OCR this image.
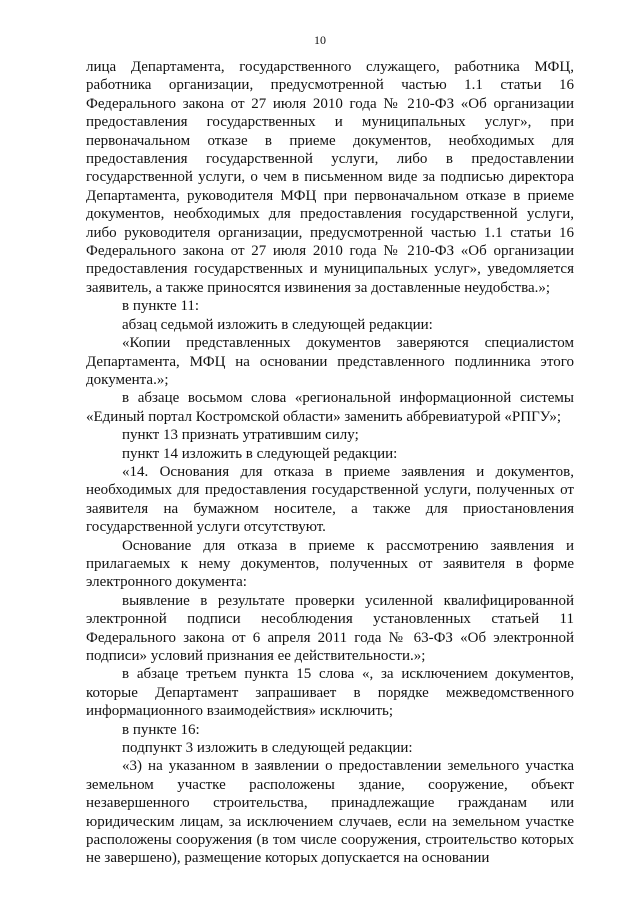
10

лица Департамента, государственного служащего, работника МФЦ, работника организации, предусмотренной частью 1.1 статьи 16 Федерального закона от 27 июля 2010 года № 210-ФЗ «Об организации предоставления государственных и муниципальных услуг», при первоначальном отказе в приеме документов, необходимых для предоставления государственной услуги, либо в предоставлении государственной услуги, о чем в письменном виде за подписью директора Департамента, руководителя МФЦ при первоначальном отказе в приеме документов, необходимых для предоставления государственной услуги, либо руководителя организации, предусмотренной частью 1.1 статьи 16 Федерального закона от 27 июля 2010 года № 210-ФЗ «Об организации предоставления государственных и муниципальных услуг», уведомляется заявитель, а также приносятся извинения за доставленные неудобства.»;

в пункте 11:

абзац седьмой изложить в следующей редакции:

«Копии представленных документов заверяются специалистом Департамента, МФЦ на основании представленного подлинника этого документа.»;

в абзаце восьмом слова «региональной информационной системы «Единый портал Костромской области» заменить аббревиатурой «РПГУ»;

пункт 13 признать утратившим силу;

пункт 14 изложить в следующей редакции:

«14. Основания для отказа в приеме заявления и документов, необходимых для предоставления государственной услуги, полученных от заявителя на бумажном носителе, а также для приостановления государственной услуги отсутствуют.

Основание для отказа в приеме к рассмотрению заявления и прилагаемых к нему документов, полученных от заявителя в форме электронного документа:

выявление в результате проверки усиленной квалифицированной электронной подписи несоблюдения установленных статьей 11 Федерального закона от 6 апреля 2011 года № 63-ФЗ «Об электронной подписи» условий признания ее действительности.»;

в абзаце третьем пункта 15 слова «, за исключением документов, которые Департамент запрашивает в порядке межведомственного информационного взаимодействия» исключить;

в пункте 16:

подпункт 3 изложить в следующей редакции:

«3) на указанном в заявлении о предоставлении земельного участка земельном участке расположены здание, сооружение, объект незавершенного строительства, принадлежащие гражданам или юридическим лицам, за исключением случаев, если на земельном участке расположены сооружения (в том числе сооружения, строительство которых не завершено), размещение которых допускается на основании
